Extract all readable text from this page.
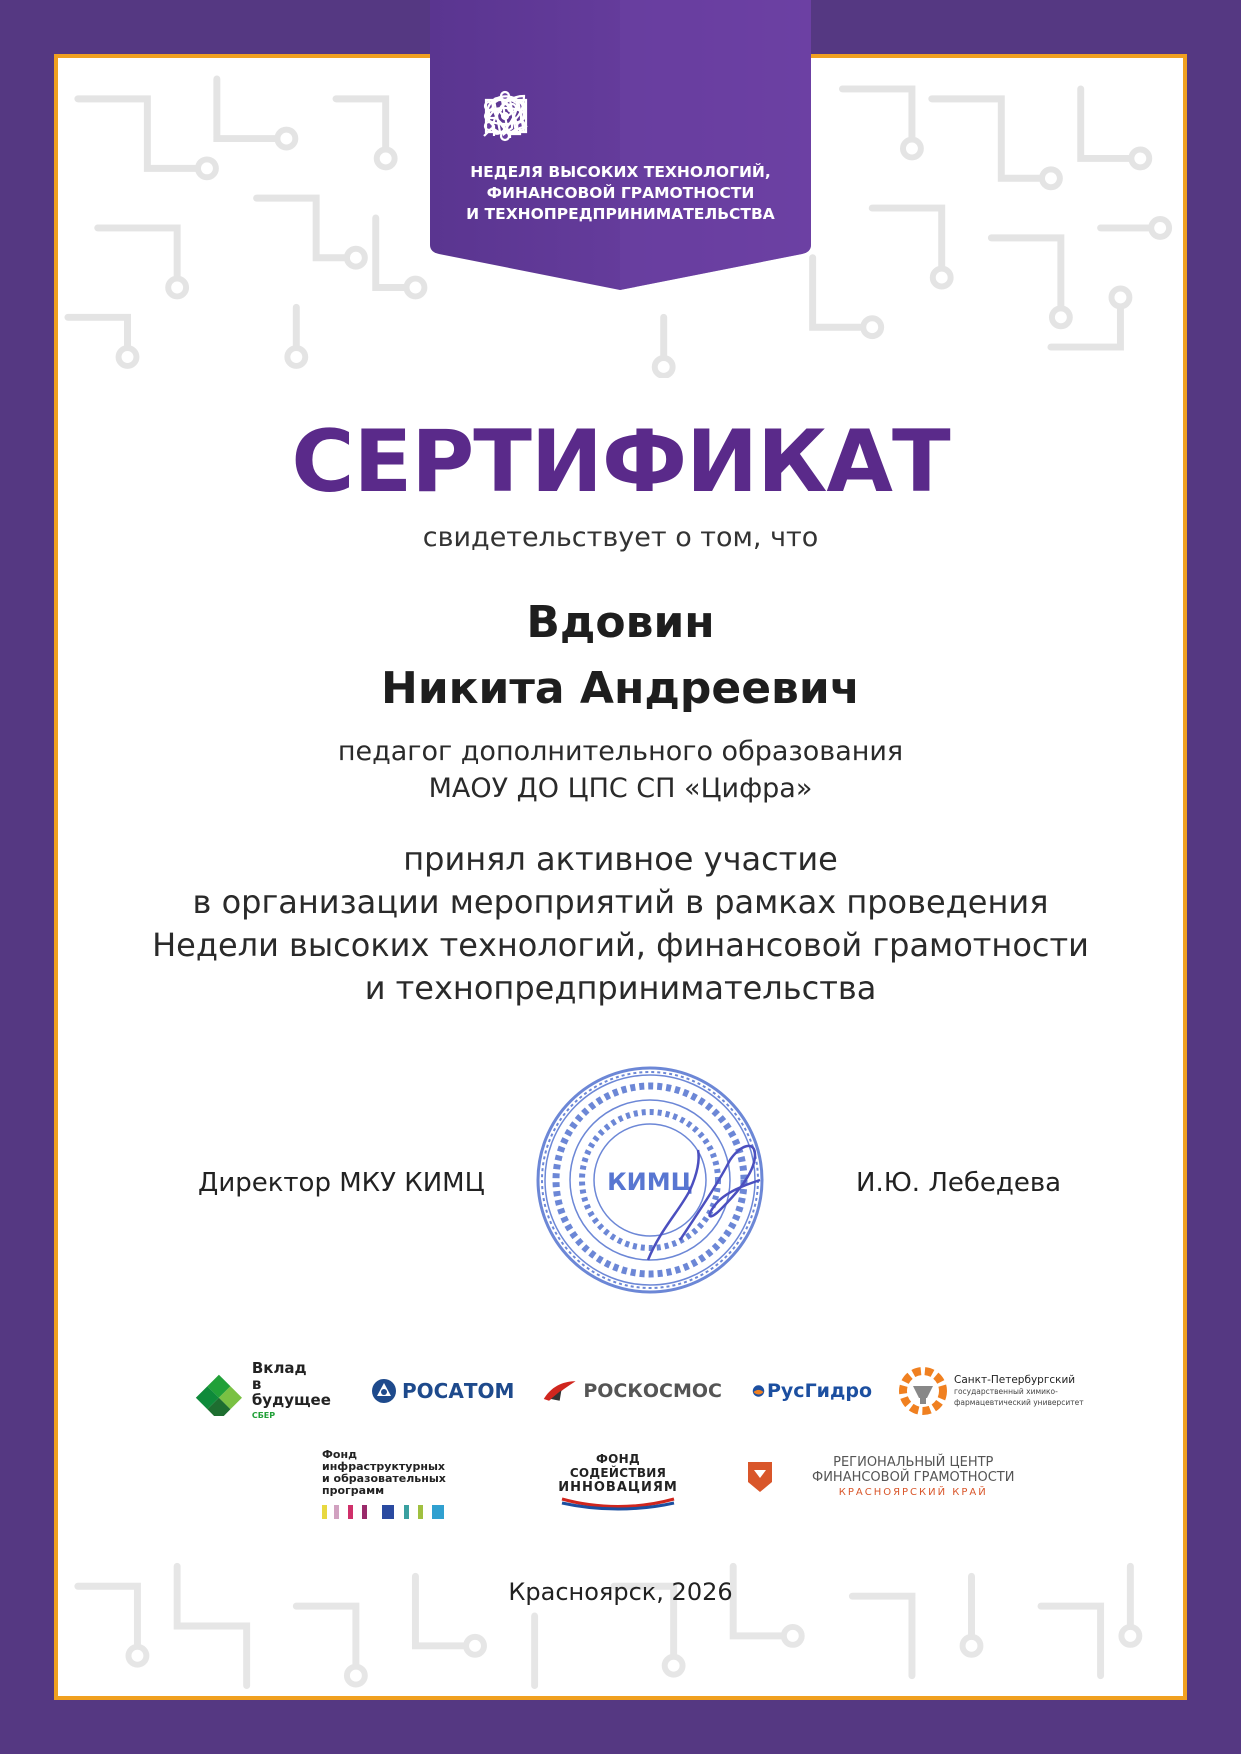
НЕДЕЛЯ ВЫСОКИХ ТЕХНОЛОГИЙ,
ФИНАНСОВОЙ ГРАМОТНОСТИ
И ТЕХНОПРЕДПРИНИМАТЕЛЬСТВА
СЕРТИФИКАТ
свидетельствует о том, что
Вдовин
Никита Андреевич
педагог дополнительного образования
МАОУ ДО ЦПС СП «Цифра»
принял активное участие
в организации мероприятий в рамках проведения
Недели высоких технологий, финансовой грамотности
и технопредпринимательства
Директор МКУ КИМЦ	КИМЦ	И.Ю. Лебедева
Вклад
в будущее
СБЕР
РОСАТОМ	РОСКОСМОС РусГидро
Санкт-Петербургский
государственный химико-
фармацевтический университет
Фонд инфраструктурных
и образовательных
программ
ФОНД СОДЕЙСТВИЯ
ИННОВАЦИЯМ
РЕГИОНАЛЬНЫЙ ЦЕНТР
ФИНАНСОВОЙ ГРАМОТНОСТИ
КРАСНОЯРСКИЙ КРАЙ
Красноярск, 2026
